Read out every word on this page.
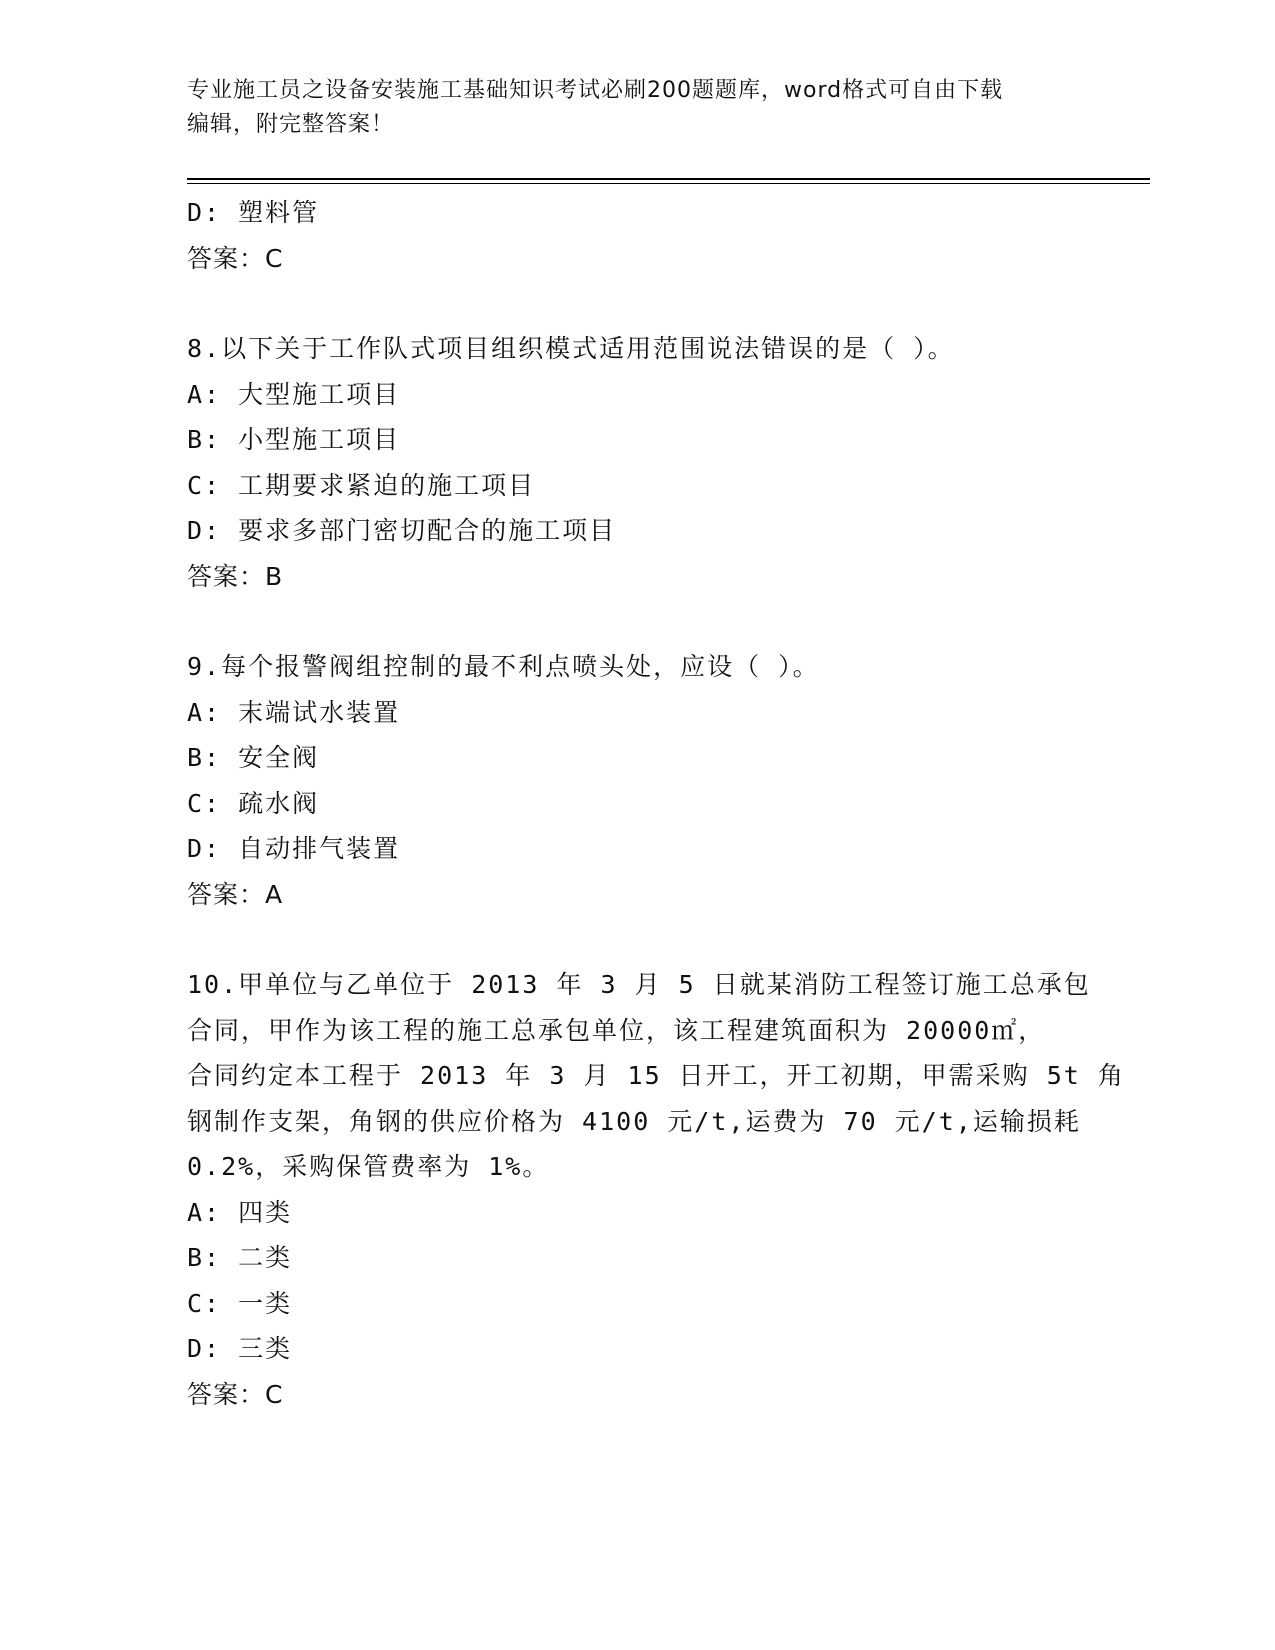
专业施工员之设备安装施工基础知识考试必刷200题题库，word格式可自由下载
编辑，附完整答案！
D: 塑料管
答案：C
8.以下关于工作队式项目组织模式适用范围说法错误的是（ ）。
A: 大型施工项目
B: 小型施工项目
C: 工期要求紧迫的施工项目
D: 要求多部门密切配合的施工项目
答案：B
9.每个报警阀组控制的最不利点喷头处，应设（ ）。
A: 末端试水装置
B: 安全阀
C: 疏水阀
D: 自动排气装置
答案：A
10.甲单位与乙单位于 2013 年 3 月 5 日就某消防工程签订施工总承包
合同，甲作为该工程的施工总承包单位，该工程建筑面积为 20000㎡，
合同约定本工程于 2013 年 3 月 15 日开工，开工初期，甲需采购 5t 角
钢制作支架，角钢的供应价格为 4100 元/t,运费为 70 元/t,运输损耗
0.2%，采购保管费率为 1%。
A: 四类
B: 二类
C: 一类
D: 三类
答案：C
